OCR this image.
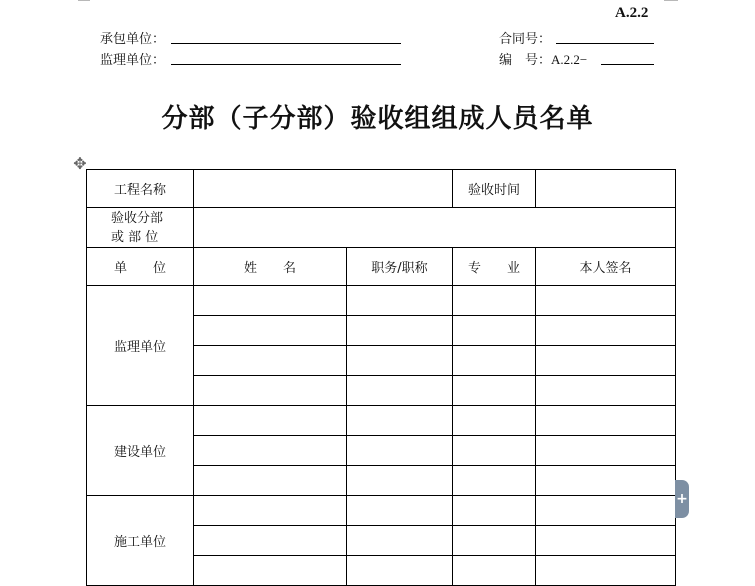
A.2.2
承包单位：
监理单位：
合同号：
编　号：A.2.2−
分部（子分部）验收组组成人员名单
✥
工程名称			验收时间	

验收分部
或 部 位				

单　　位	姓　　名	职务/职称	专　　业	本人签名
监理单位				

建设单位				

施工单位				

+
